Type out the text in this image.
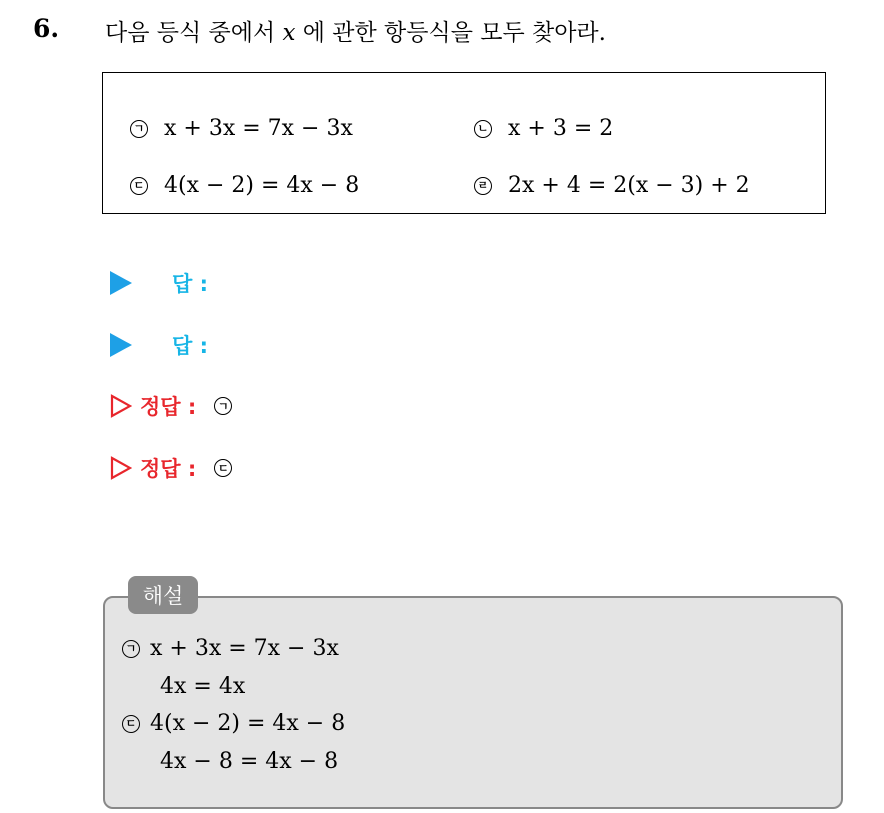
6. 다음 등식 중에서 x 에 관한 항등식을 모두 찾아라.
ㄱ x + 3x = 7x − 3x	ㄴ x + 3 = 2
ㄷ 4(x − 2) = 4x − 8	ㄹ 2x + 4 = 2(x − 3) + 2
답 :
답 :
정답 :	ㄱ
정답 :	ㄷ
해설
ㄱ x + 3x = 7x − 3x
4x = 4x
ㄷ 4(x − 2) = 4x − 8
4x − 8 = 4x − 8
